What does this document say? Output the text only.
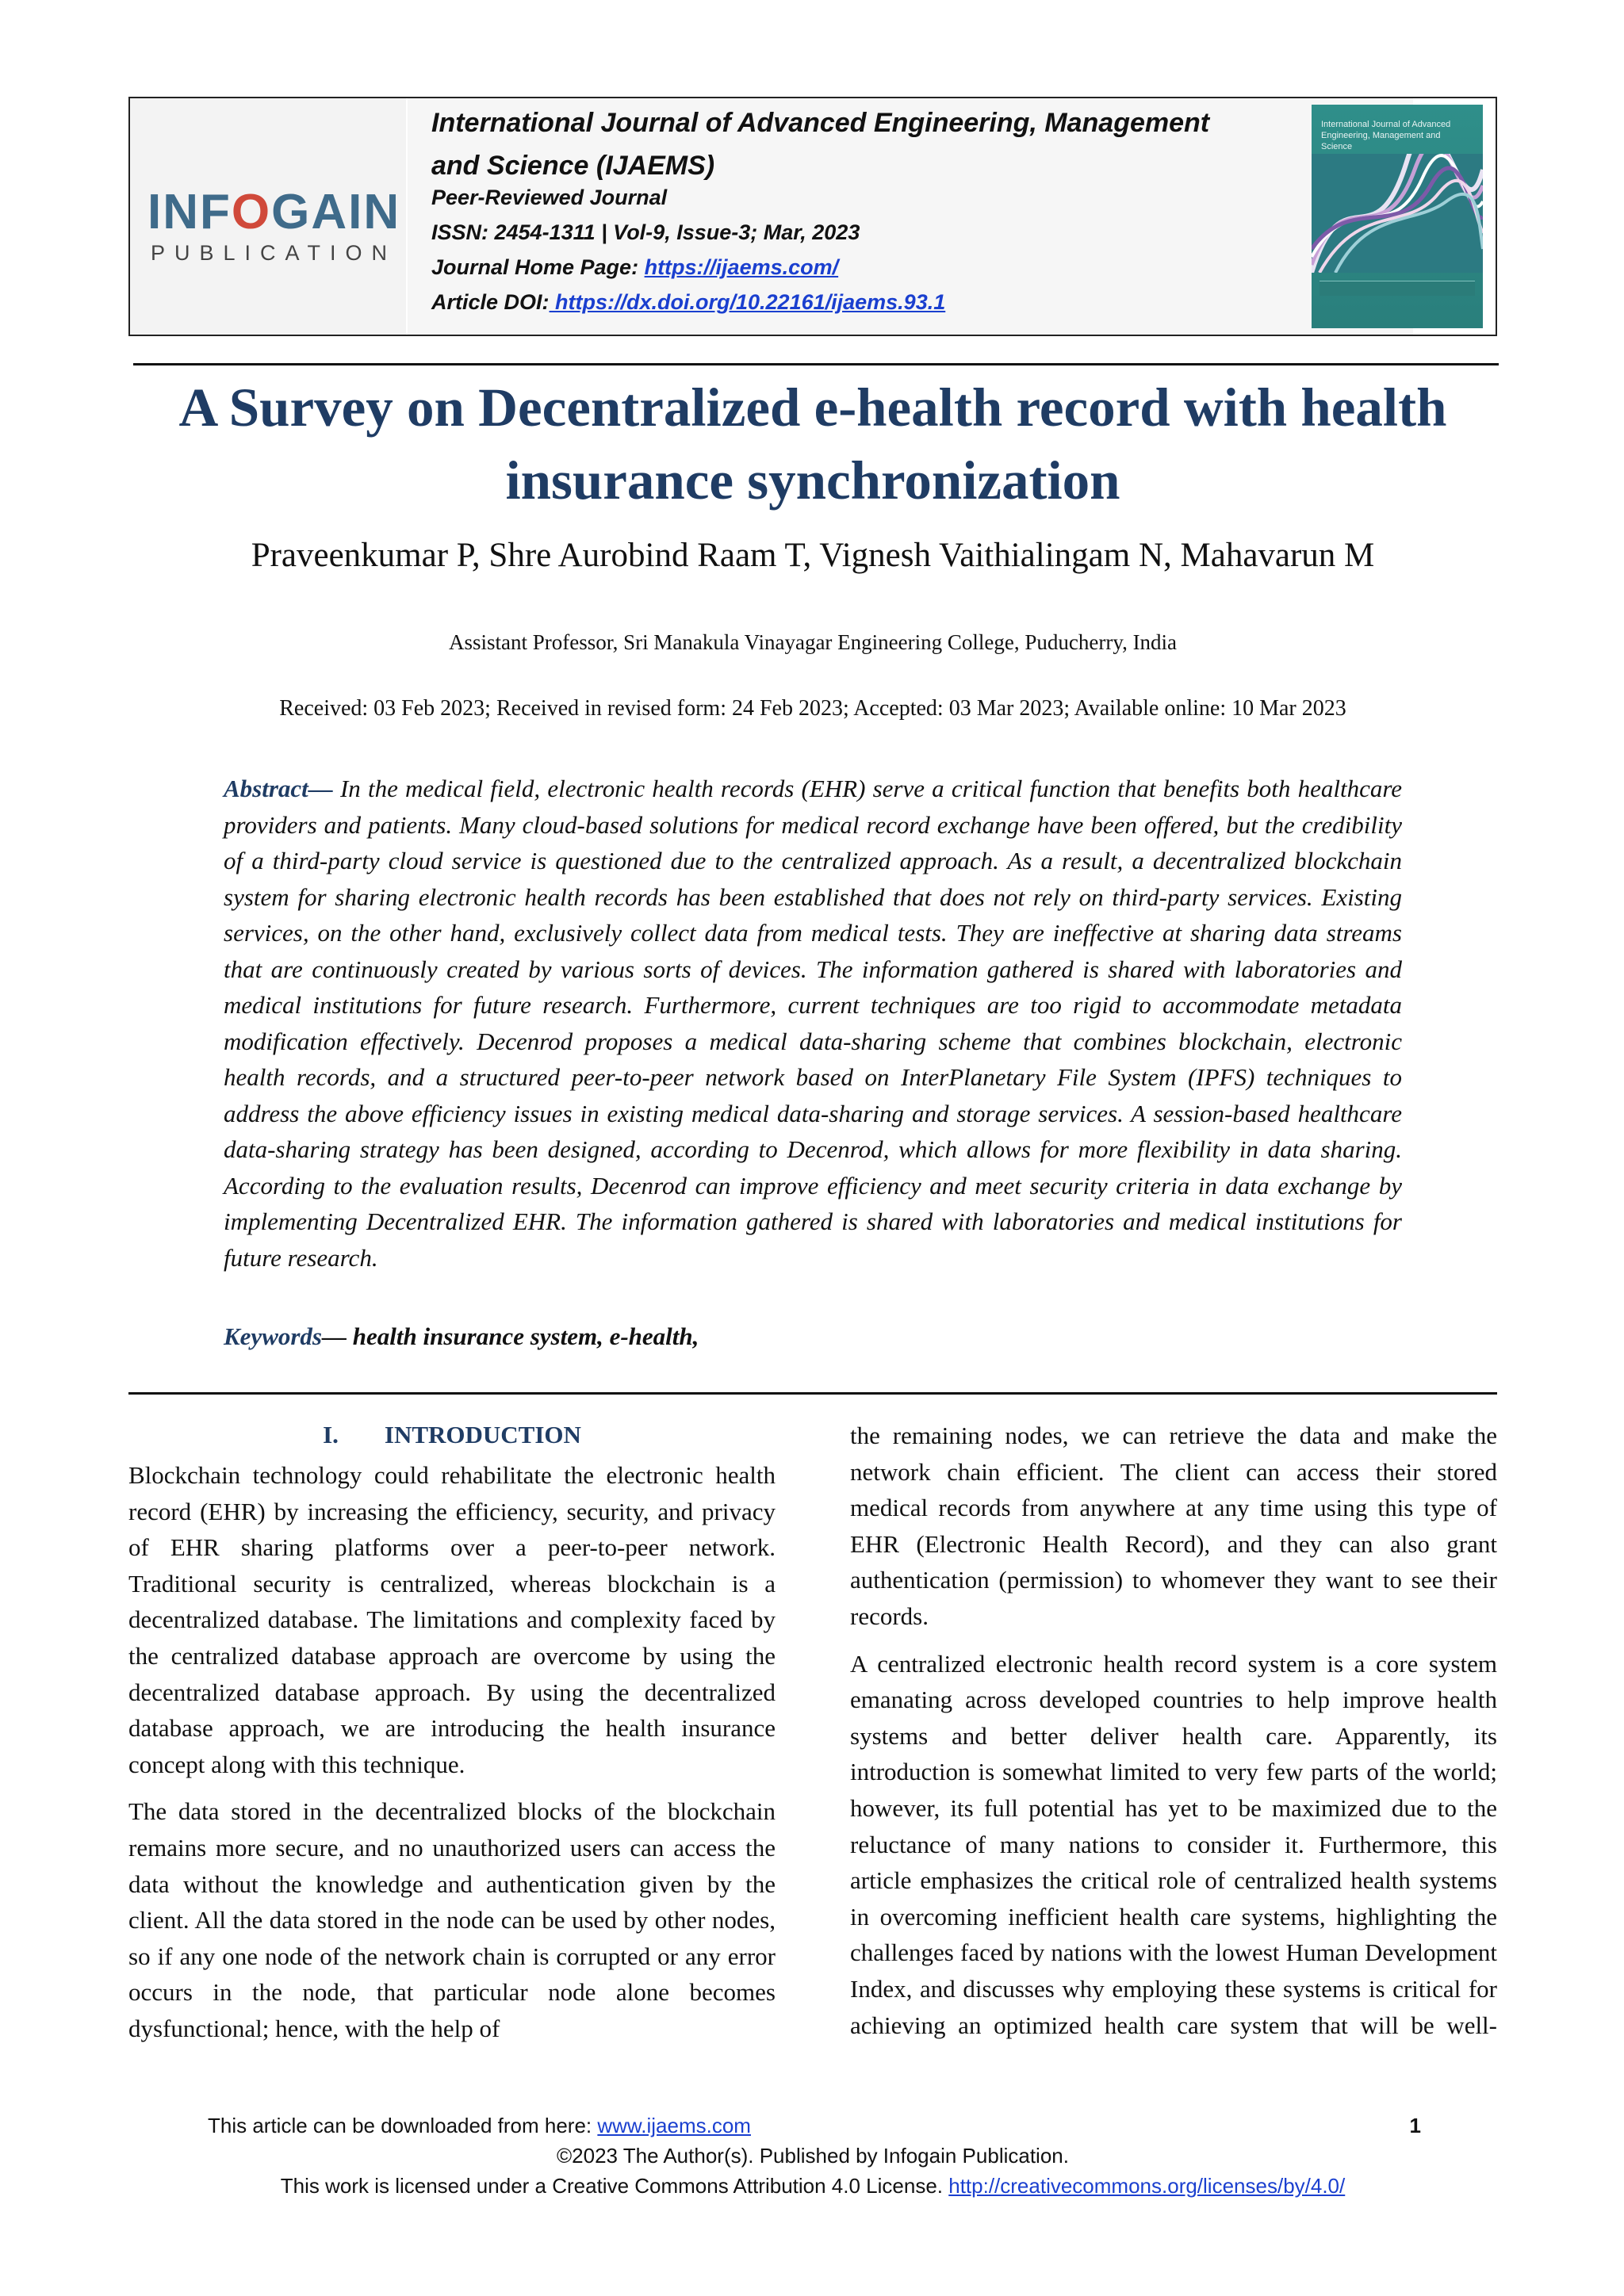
INFOGAIN
PUBLICATION
International Journal of Advanced Engineering, Management and Science (IJAEMS)
Peer-Reviewed Journal
ISSN: 2454-1311 | Vol-9, Issue-3; Mar, 2023
Journal Home Page: https://ijaems.com/
Article DOI: https://dx.doi.org/10.22161/ijaems.93.1
International Journal of Advanced Engineering, Management and Science
A Survey on Decentralized e-health record with health insurance synchronization
Praveenkumar P, Shre Aurobind Raam T, Vignesh Vaithialingam N, Mahavarun M
Assistant Professor, Sri Manakula Vinayagar Engineering College, Puducherry, India
Received: 03 Feb 2023; Received in revised form: 24 Feb 2023; Accepted: 03 Mar 2023; Available online: 10 Mar 2023
Abstract— In the medical field, electronic health records (EHR) serve a critical function that benefits both healthcare providers and patients. Many cloud-based solutions for medical record exchange have been offered, but the credibility of a third-party cloud service is questioned due to the centralized approach. As a result, a decentralized blockchain system for sharing electronic health records has been established that does not rely on third-party services. Existing services, on the other hand, exclusively collect data from medical tests. They are ineffective at sharing data streams that are continuously created by various sorts of devices. The information gathered is shared with laboratories and medical institutions for future research. Furthermore, current techniques are too rigid to accommodate metadata modification effectively. Decenrod proposes a medical data-sharing scheme that combines blockchain, electronic health records, and a structured peer-to-peer network based on InterPlanetary File System (IPFS) techniques to address the above efficiency issues in existing medical data-sharing and storage services. A session-based healthcare data-sharing strategy has been designed, according to Decenrod, which allows for more flexibility in data sharing. According to the evaluation results, Decenrod can improve efficiency and meet security criteria in data exchange by implementing Decentralized EHR. The information gathered is shared with laboratories and medical institutions for future research.
Keywords— health insurance system, e-health,
I. INTRODUCTION

Blockchain technology could rehabilitate the electronic health record (EHR) by increasing the efficiency, security, and privacy of EHR sharing platforms over a peer-to-peer network. Traditional security is centralized, whereas blockchain is a decentralized database. The limitations and complexity faced by the centralized database approach are overcome by using the decentralized database approach. By using the decentralized database approach, we are introducing the health insurance concept along with this technique.

The data stored in the decentralized blocks of the blockchain remains more secure, and no unauthorized users can access the data without the knowledge and authentication given by the client. All the data stored in the node can be used by other nodes, so if any one node of the network chain is corrupted or any error occurs in the node, that particular node alone becomes dysfunctional; hence, with the help of

the remaining nodes, we can retrieve the data and make the network chain efficient. The client can access their stored medical records from anywhere at any time using this type of EHR (Electronic Health Record), and they can also grant authentication (permission) to whomever they want to see their records.

A centralized electronic health record system is a core system emanating across developed countries to help improve health systems and better deliver health care. Apparently, its introduction is somewhat limited to very few parts of the world; however, its full potential has yet to be maximized due to the reluctance of many nations to consider it. Furthermore, this article emphasizes the critical role of centralized health systems in overcoming inefficient health care systems, highlighting the challenges faced by nations with the lowest Human Development Index, and discusses why employing these systems is critical for achieving an optimized health care system that will be well-

This article can be downloaded from here: www.ijaems.com	1
©2023 The Author(s). Published by Infogain Publication.
This work is licensed under a Creative Commons Attribution 4.0 License. http://creativecommons.org/licenses/by/4.0/
